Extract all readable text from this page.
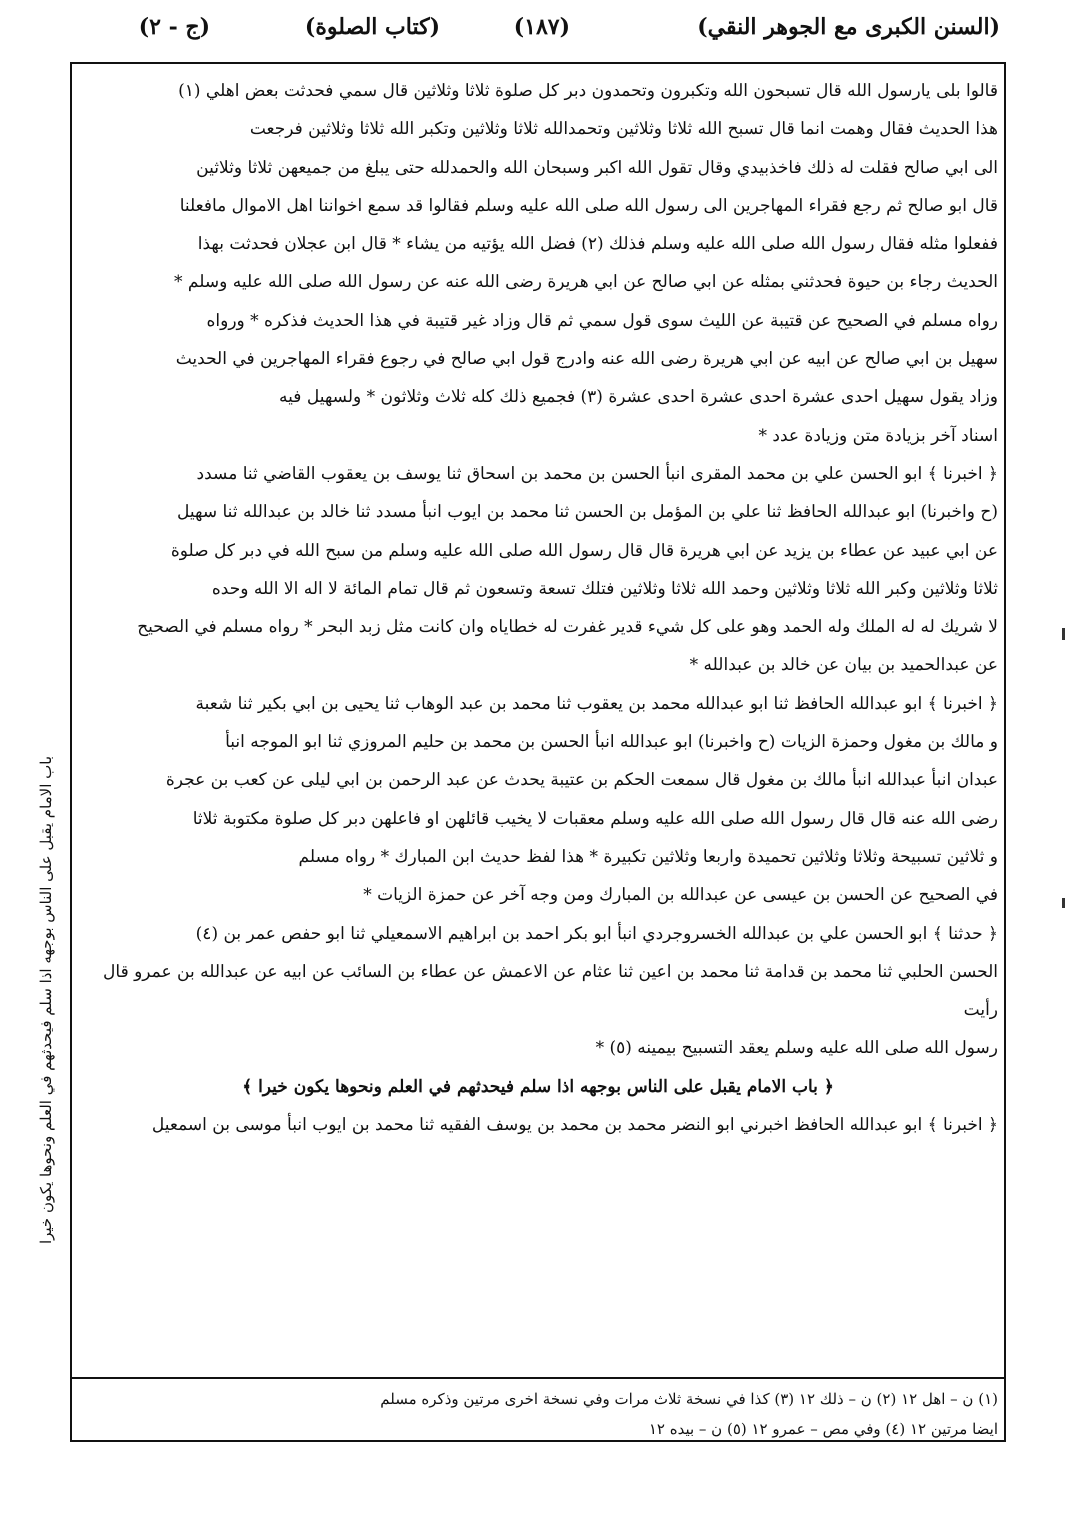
(السنن الكبرى مع الجوهر النقي)
(١٨٧)
(كتاب الصلوة)
(ج - ٢)

قالوا بلى يارسول الله قال تسبحون الله وتكبرون وتحمدون دبر كل صلوة ثلاثا وثلاثين قال سمي فحدثت بعض اهلي (١)

هذا الحديث فقال وهمت انما قال تسبح الله ثلاثا وثلاثين وتحمدالله ثلاثا وثلاثين وتكبر الله ثلاثا وثلاثين فرجعت

الى ابي صالح فقلت له ذلك فاخذبيدي وقال تقول الله اكبر وسبحان الله والحمدلله حتى يبلغ من جميعهن ثلاثا وثلاثين

قال ابو صالح ثم رجع فقراء المهاجرين الى رسول الله صلى الله عليه وسلم فقالوا قد سمع اخواننا اهل الاموال مافعلنا

ففعلوا مثله فقال رسول الله صلى الله عليه وسلم فذلك (٢) فضل الله يؤتيه من يشاء * قال ابن عجلان فحدثت بهذا

الحديث رجاء بن حيوة فحدثني بمثله عن ابي صالح عن ابي هريرة رضى الله عنه عن رسول الله صلى الله عليه وسلم *

رواه مسلم في الصحيح عن قتيبة عن الليث سوى قول سمي ثم قال وزاد غير قتيبة في هذا الحديث فذكره * ورواه

سهيل بن ابي صالح عن ابيه عن ابي هريرة رضى الله عنه وادرج قول ابي صالح في رجوع فقراء المهاجرين في الحديث

وزاد يقول سهيل احدى عشرة احدى عشرة احدى عشرة (٣) فجميع ذلك كله ثلاث وثلاثون * ولسهيل فيه

اسناد آخر بزيادة متن وزيادة عدد *

﴿ اخبرنا ﴾ ابو الحسن علي بن محمد المقرى انبأ الحسن بن محمد بن اسحاق ثنا يوسف بن يعقوب القاضي ثنا مسدد

(ح واخبرنا) ابو عبدالله الحافظ ثنا علي بن المؤمل بن الحسن ثنا محمد بن ايوب انبأ مسدد ثنا خالد بن عبدالله ثنا سهيل

عن ابي عبيد عن عطاء بن يزيد عن ابي هريرة قال قال رسول الله صلى الله عليه وسلم من سبح الله في دبر كل صلوة

ثلاثا وثلاثين وكبر الله ثلاثا وثلاثين وحمد الله ثلاثا وثلاثين فتلك تسعة وتسعون ثم قال تمام المائة لا اله الا الله وحده

لا شريك له له الملك وله الحمد وهو على كل شيء قدير غفرت له خطاياه وان كانت مثل زبد البحر * رواه مسلم في الصحيح

عن عبدالحميد بن بيان عن خالد بن عبدالله *

﴿ اخبرنا ﴾ ابو عبدالله الحافظ ثنا ابو عبدالله محمد بن يعقوب ثنا محمد بن عبد الوهاب ثنا يحيى بن ابي بكير ثنا شعبة

و مالك بن مغول وحمزة الزيات (ح واخبرنا) ابو عبدالله انبأ الحسن بن محمد بن حليم المروزي ثنا ابو الموجه انبأ

عبدان انبأ عبدالله انبأ مالك بن مغول قال سمعت الحكم بن عتيبة يحدث عن عبد الرحمن بن ابي ليلى عن كعب بن عجرة

رضى الله عنه قال قال رسول الله صلى الله عليه وسلم معقبات لا يخيب قائلهن او فاعلهن دبر كل صلوة مكتوبة ثلاثا

و ثلاثين تسبيحة وثلاثا وثلاثين تحميدة واربعا وثلاثين تكبيرة * هذا لفظ حديث ابن المبارك * رواه مسلم

في الصحيح عن الحسن بن عيسى عن عبدالله بن المبارك ومن وجه آخر عن حمزة الزيات *

﴿ حدثنا ﴾ ابو الحسن علي بن عبدالله الخسروجردي انبأ ابو بكر احمد بن ابراهيم الاسمعيلي ثنا ابو حفص عمر بن (٤)

الحسن الحلبي ثنا محمد بن قدامة ثنا محمد بن اعين ثنا عثام عن الاعمش عن عطاء بن السائب عن ابيه عن عبدالله بن عمرو قال رأيت

رسول الله صلى الله عليه وسلم يعقد التسبيح بيمينه (٥) *

﴿ باب الامام يقبل على الناس بوجهه اذا سلم فيحدثهم في العلم ونحوها يكون خيرا ﴾

﴿ اخبرنا ﴾ ابو عبدالله الحافظ اخبرني ابو النضر محمد بن محمد بن يوسف الفقيه ثنا محمد بن ايوب انبأ موسى بن اسمعيل

(١) ن – اهل ١٢ (٢) ن – ذلك ١٢ (٣) كذا في نسخة ثلاث مرات وفي نسخة اخرى مرتين وذكره مسلم

ايضا مرتين ١٢ (٤) وفي مص – عمرو ١٢ (٥) ن – بيده ١٢

باب الامام يقبل على الناس بوجهه اذا سلم فيحدثهم في العلم ونحوها يكون خيرا
